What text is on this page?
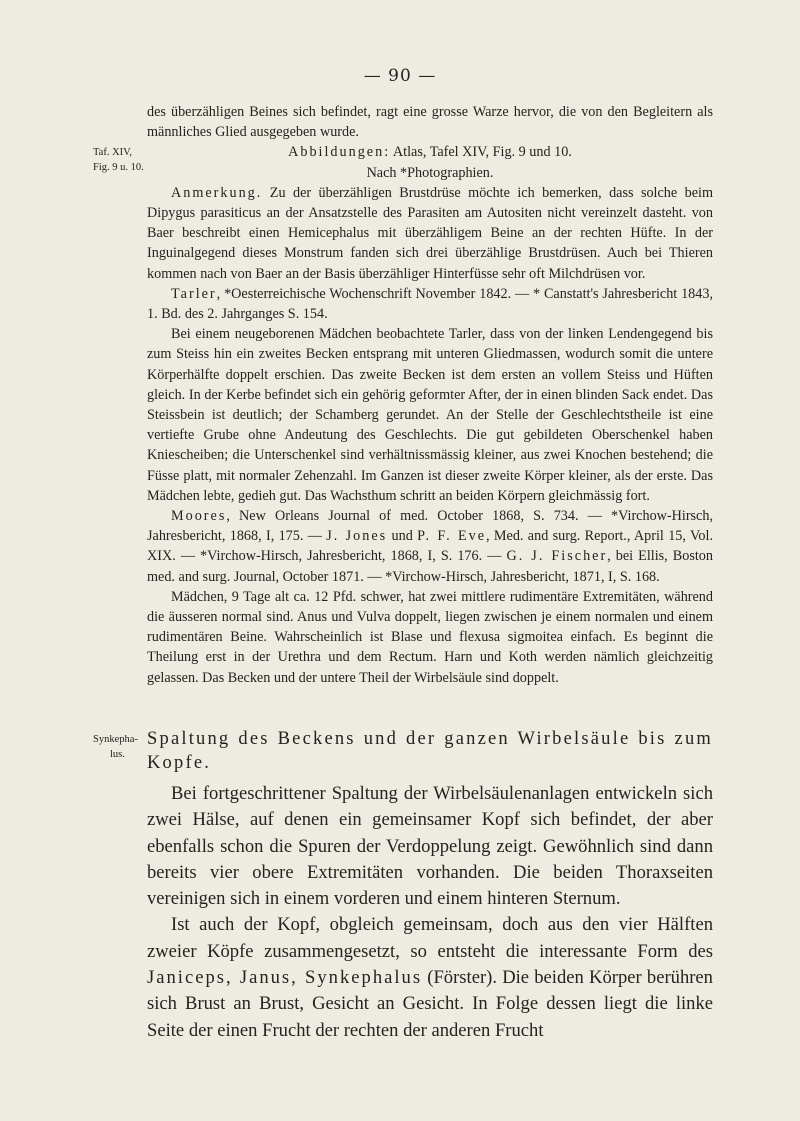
— 90 —
Taf. XIV,
Fig. 9 u. 10.
Synkepha-
lus.

des überzähligen Beines sich befindet, ragt eine grosse Warze hervor, die von den Begleitern als männliches Glied ausgegeben wurde.

Abbildungen: Atlas, Tafel XIV, Fig. 9 und 10.

Nach *Photographien.

Anmerkung. Zu der überzähligen Brustdrüse möchte ich bemerken, dass solche beim Dipygus parasiticus an der Ansatzstelle des Parasiten am Autositen nicht vereinzelt dasteht. von Baer beschreibt einen Hemicephalus mit überzähligem Beine an der rechten Hüfte. In der Inguinalgegend dieses Monstrum fanden sich drei überzählige Brustdrüsen. Auch bei Thieren kommen nach von Baer an der Basis überzähliger Hinterfüsse sehr oft Milchdrüsen vor.

Tarler, *Oesterreichische Wochenschrift November 1842. — * Canstatt's Jahresbericht 1843, 1. Bd. des 2. Jahrganges S. 154.

Bei einem neugeborenen Mädchen beobachtete Tarler, dass von der linken Lendengegend bis zum Steiss hin ein zweites Becken entsprang mit unteren Gliedmassen, wodurch somit die untere Körperhälfte doppelt erschien. Das zweite Becken ist dem ersten an vollem Steiss und Hüften gleich. In der Kerbe befindet sich ein gehörig geformter After, der in einen blinden Sack endet. Das Steissbein ist deutlich; der Schamberg gerundet. An der Stelle der Geschlechtstheile ist eine vertiefte Grube ohne Andeutung des Geschlechts. Die gut gebildeten Oberschenkel haben Kniescheiben; die Unterschenkel sind verhältnissmässig kleiner, aus zwei Knochen bestehend; die Füsse platt, mit normaler Zehenzahl. Im Ganzen ist dieser zweite Körper kleiner, als der erste. Das Mädchen lebte, gedieh gut. Das Wachsthum schritt an beiden Körpern gleichmässig fort.

Moores, New Orleans Journal of med. October 1868, S. 734. — *Virchow-Hirsch, Jahresbericht, 1868, I, 175. — J. Jones und P. F. Eve, Med. and surg. Report., April 15, Vol. XIX. — *Virchow-Hirsch, Jahresbericht, 1868, I, S. 176. — G. J. Fischer, bei Ellis, Boston med. and surg. Journal, October 1871. — *Virchow-Hirsch, Jahresbericht, 1871, I, S. 168.

Mädchen, 9 Tage alt ca. 12 Pfd. schwer, hat zwei mittlere rudimentäre Extremitäten, während die äusseren normal sind. Anus und Vulva doppelt, liegen zwischen je einem normalen und einem rudimentären Beine. Wahrscheinlich ist Blase und flexusa sigmoitea einfach. Es beginnt die Theilung erst in der Urethra und dem Rectum. Harn und Koth werden nämlich gleichzeitig gelassen. Das Becken und der untere Theil der Wirbelsäule sind doppelt.

Spaltung des Beckens und der ganzen Wirbelsäule bis zum Kopfe.

Bei fortgeschrittener Spaltung der Wirbelsäulenanlagen entwickeln sich zwei Hälse, auf denen ein gemeinsamer Kopf sich befindet, der aber ebenfalls schon die Spuren der Verdoppelung zeigt. Gewöhnlich sind dann bereits vier obere Extremitäten vorhanden. Die beiden Thoraxseiten vereinigen sich in einem vorderen und einem hinteren Sternum.

Ist auch der Kopf, obgleich gemeinsam, doch aus den vier Hälften zweier Köpfe zusammengesetzt, so entsteht die interessante Form des Janiceps, Janus, Synkephalus (Förster). Die beiden Körper berühren sich Brust an Brust, Gesicht an Gesicht. In Folge dessen liegt die linke Seite der einen Frucht der rechten der anderen Frucht
